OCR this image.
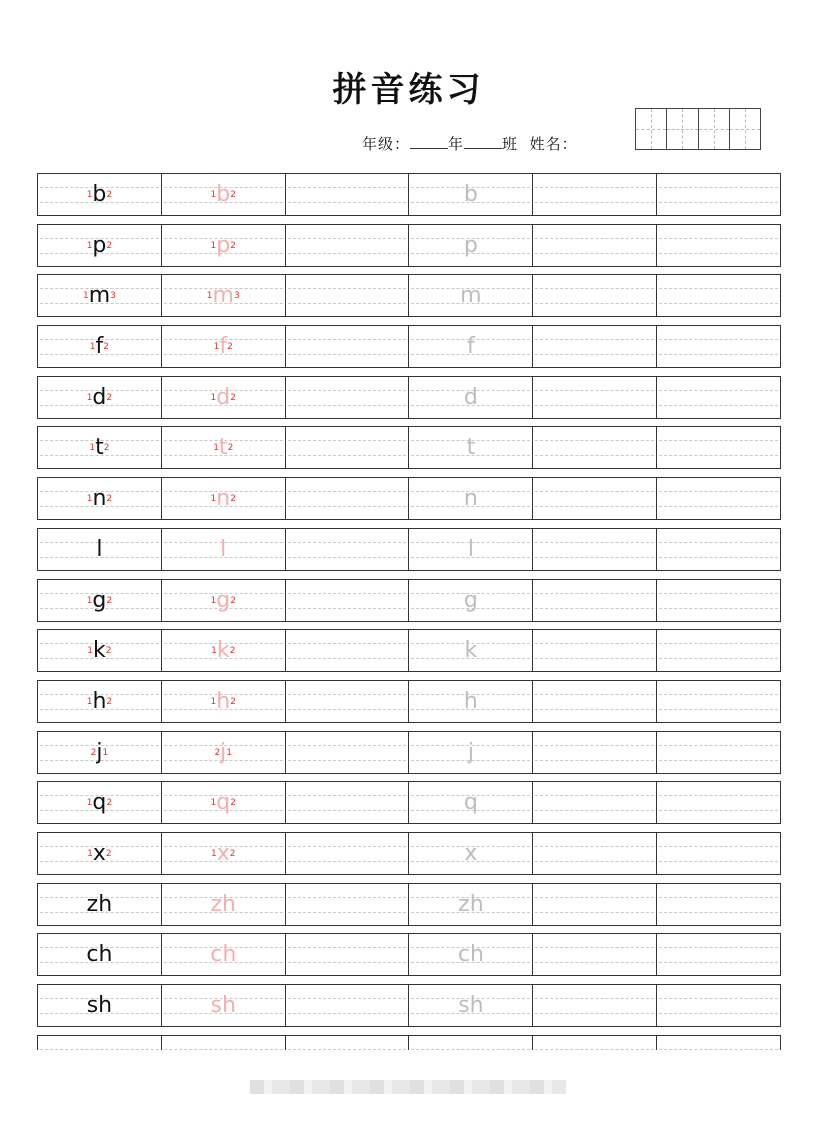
拼音练习
年级：	年	班 姓名：
1b2	1b2	b
1p2	1p2	p
1m3	1m3	m
1f2	1f2	f
1d2	1d2	d
1t2	1t2	t
1n2	1n2	n
l	l	l
1g2	1g2	g
1k2	1k2	k
1h2	1h2	h
2j1	2j1	j
1q2	1q2	q
1x2	1x2	x
zh	zh	zh
ch	ch	ch
sh	sh	sh
